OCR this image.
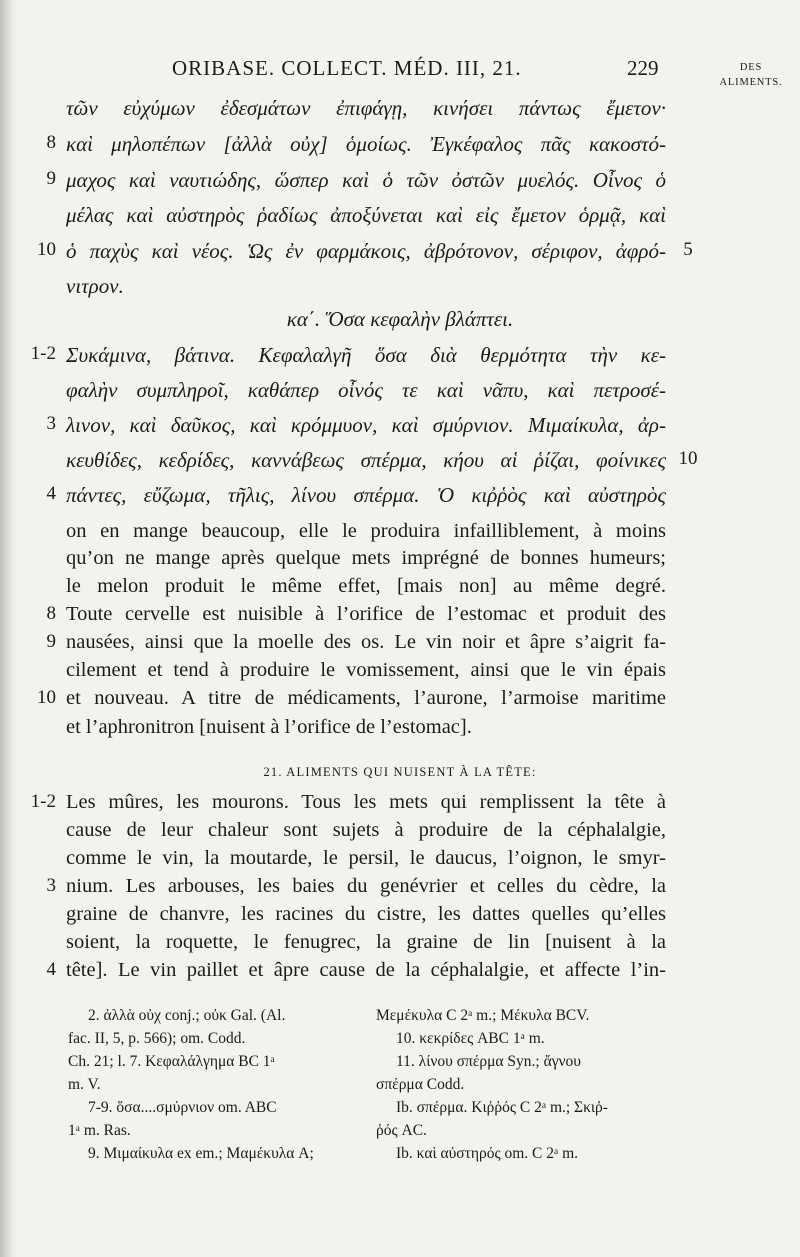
ORIBASE. COLLECT. MÉD. III, 21.	229	DES
ALIMENTS.
τῶν εὐχύμων ἐδεσμάτων ἐπιφάγῃ, κινήσει πάντως ἔμετον·
8 καὶ μηλοπέπων [ἀλλὰ οὐχ] ὁμοίως. Ἐγκέφαλος πᾶς κακοστό-
9 μαχος καὶ ναυτιώδης, ὥσπερ καὶ ὁ τῶν ὀστῶν μυελός. Οἶνος ὁ
μέλας καὶ αὐστηρὸς ῥαδίως ἀποξύνεται καὶ εἰς ἔμετον ὁρμᾷ, καὶ
10 ὁ παχὺς καὶ νέος. Ὡς ἐν φαρμάκοις, ἀβρότονον, σέριφον, ἀφρό- 5
νιτρον.
κα΄. Ὅσα κεφαλὴν βλάπτει.
1-2 Συκάμινα, βάτινα. Κεφαλαλγῆ ὅσα διὰ θερμότητα τὴν κε-
φαλὴν συμπληροῖ, καθάπερ οἶνός τε καὶ νᾶπυ, καὶ πετροσέ-
3 λινον, καὶ δαῦκος, καὶ κρόμμυον, καὶ σμύρνιον. Μιμαίκυλα, ἀρ-
κευθίδες, κεδρίδες, καννάβεως σπέρμα, κήου αἱ ῥίζαι, φοίνικες 10
4 πάντες, εὔζωμα, τῆλις, λίνου σπέρμα. Ὁ κιῤῥὸς καὶ αὐστηρὸς
on en mange beaucoup, elle le produira infailliblement, à moins
qu’on ne mange après quelque mets imprégné de bonnes humeurs;
le melon produit le même effet, [mais non] au même degré.
8 Toute cervelle est nuisible à l’orifice de l’estomac et produit des
9 nausées, ainsi que la moelle des os. Le vin noir et âpre s’aigrit fa-
cilement et tend à produire le vomissement, ainsi que le vin épais
10 et nouveau. A titre de médicaments, l’aurone, l’armoise maritime
et l’aphronitron [nuisent à l’orifice de l’estomac].
21. ALIMENTS QUI NUISENT À LA TÊTE:
1-2 Les mûres, les mourons. Tous les mets qui remplissent la tête à
cause de leur chaleur sont sujets à produire de la céphalalgie,
comme le vin, la moutarde, le persil, le daucus, l’oignon, le smyr-
3 nium. Les arbouses, les baies du genévrier et celles du cèdre, la
graine de chanvre, les racines du cistre, les dattes quelles qu’elles
soient, la roquette, le fenugrec, la graine de lin [nuisent à la
4 tête]. Le vin paillet et âpre cause de la céphalalgie, et affecte l’in-
2. ἀλλὰ οὐχ conj.; οὐκ Gal. (Al.
fac. II, 5, p. 566); om. Codd.
Ch. 21; l. 7. Κεφαλάλγημα BC 1ᵃ
m. V.
7-9. ὅσα....σμύρνιον om. ABC
1ᵃ m. Ras.
9. Μιμαίκυλα ex em.; Μαμέκυλα A;
Μεμέκυλα C 2ᵃ m.; Μέκυλα BCV.
10. κεκρίδες ABC 1ᵃ m.
11. λίνου σπέρμα Syn.; ἄγνου
σπέρμα Codd.
Ib. σπέρμα. Κιῤῥός C 2ᵃ m.; Σκιῤ-
ῥός AC.
Ib. καὶ αὐστηρός om. C 2ᵃ m.
